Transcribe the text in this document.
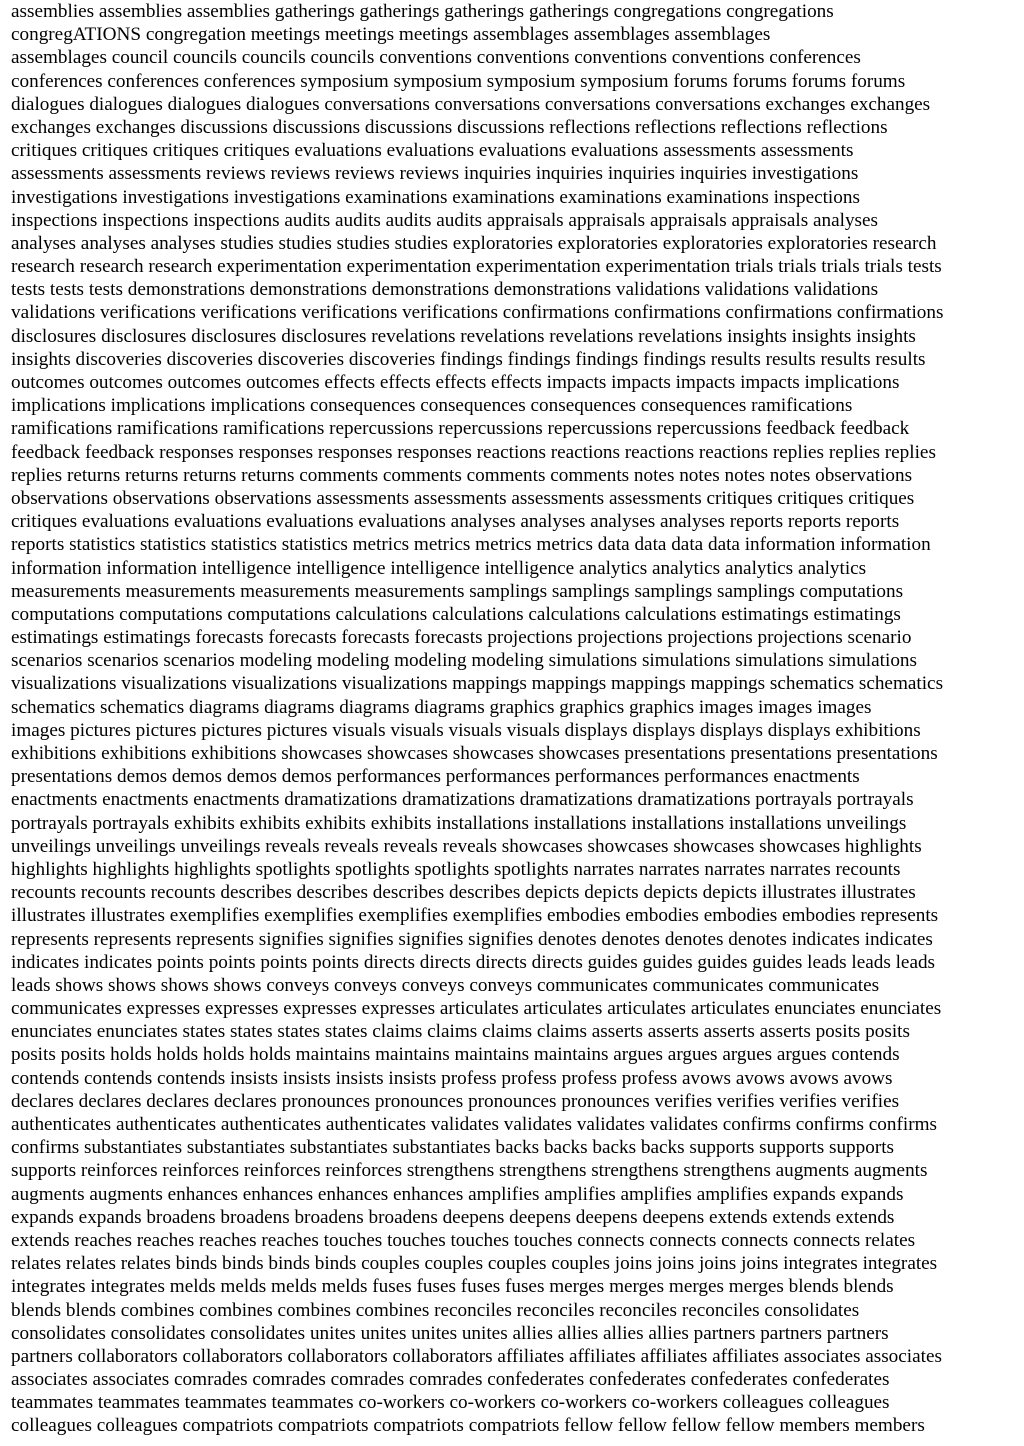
assemblies assemblies assemblies gatherings gatherings gatherings gatherings congregations congregations
congregATIONS congregation meetings meetings meetings assemblages assemblages assemblages
assemblages council councils councils councils conventions conventions conventions conventions conferences
conferences conferences conferences symposium symposium symposium symposium forums forums forums forums
dialogues dialogues dialogues dialogues conversations conversations conversations conversations exchanges exchanges
exchanges exchanges discussions discussions discussions discussions reflections reflections reflections reflections
critiques critiques critiques critiques evaluations evaluations evaluations evaluations assessments assessments
assessments assessments reviews reviews reviews reviews inquiries inquiries inquiries inquiries investigations
investigations investigations investigations examinations examinations examinations examinations inspections
inspections inspections inspections audits audits audits audits appraisals appraisals appraisals appraisals analyses
analyses analyses analyses studies studies studies studies exploratories exploratories exploratories exploratories research
research research research experimentation experimentation experimentation experimentation trials trials trials trials tests
tests tests tests demonstrations demonstrations demonstrations demonstrations validations validations validations
validations verifications verifications verifications verifications confirmations confirmations confirmations confirmations
disclosures disclosures disclosures disclosures revelations revelations revelations revelations insights insights insights
insights discoveries discoveries discoveries discoveries findings findings findings findings results results results results
outcomes outcomes outcomes outcomes effects effects effects effects impacts impacts impacts impacts implications
implications implications implications consequences consequences consequences consequences ramifications
ramifications ramifications ramifications repercussions repercussions repercussions repercussions feedback feedback
feedback feedback responses responses responses responses reactions reactions reactions reactions replies replies replies
replies returns returns returns returns comments comments comments comments notes notes notes notes observations
observations observations observations assessments assessments assessments assessments critiques critiques critiques
critiques evaluations evaluations evaluations evaluations analyses analyses analyses analyses reports reports reports
reports statistics statistics statistics statistics metrics metrics metrics metrics data data data data information information
information information intelligence intelligence intelligence intelligence analytics analytics analytics analytics
measurements measurements measurements measurements samplings samplings samplings samplings computations
computations computations computations calculations calculations calculations calculations estimatings estimatings
estimatings estimatings forecasts forecasts forecasts forecasts projections projections projections projections scenario
scenarios scenarios scenarios modeling modeling modeling modeling simulations simulations simulations simulations
visualizations visualizations visualizations visualizations mappings mappings mappings mappings schematics schematics
schematics schematics diagrams diagrams diagrams diagrams graphics graphics graphics images images images
images pictures pictures pictures pictures visuals visuals visuals visuals displays displays displays displays exhibitions
exhibitions exhibitions exhibitions showcases showcases showcases showcases presentations presentations presentations
presentations demos demos demos demos performances performances performances performances enactments
enactments enactments enactments dramatizations dramatizations dramatizations dramatizations portrayals portrayals
portrayals portrayals exhibits exhibits exhibits exhibits installations installations installations installations unveilings
unveilings unveilings unveilings reveals reveals reveals reveals showcases showcases showcases showcases highlights
highlights highlights highlights spotlights spotlights spotlights spotlights narrates narrates narrates narrates recounts
recounts recounts recounts describes describes describes describes depicts depicts depicts depicts illustrates illustrates
illustrates illustrates exemplifies exemplifies exemplifies exemplifies embodies embodies embodies embodies represents
represents represents represents signifies signifies signifies signifies denotes denotes denotes denotes indicates indicates
indicates indicates points points points points directs directs directs directs guides guides guides guides leads leads leads
leads shows shows shows shows conveys conveys conveys conveys communicates communicates communicates
communicates expresses expresses expresses expresses articulates articulates articulates articulates enunciates enunciates
enunciates enunciates states states states states claims claims claims claims asserts asserts asserts asserts posits posits
posits posits holds holds holds holds maintains maintains maintains maintains argues argues argues argues contends
contends contends contends insists insists insists insists profess profess profess profess avows avows avows avows
declares declares declares declares pronounces pronounces pronounces pronounces verifies verifies verifies verifies
authenticates authenticates authenticates authenticates validates validates validates validates confirms confirms confirms
confirms substantiates substantiates substantiates substantiates backs backs backs backs supports supports supports
supports reinforces reinforces reinforces reinforces strengthens strengthens strengthens strengthens augments augments
augments augments enhances enhances enhances enhances amplifies amplifies amplifies amplifies expands expands
expands expands broadens broadens broadens broadens deepens deepens deepens deepens extends extends extends
extends reaches reaches reaches reaches touches touches touches touches connects connects connects connects relates
relates relates relates binds binds binds binds couples couples couples couples joins joins joins joins integrates integrates
integrates integrates melds melds melds melds fuses fuses fuses fuses merges merges merges merges blends blends
blends blends combines combines combines combines reconciles reconciles reconciles reconciles consolidates
consolidates consolidates consolidates unites unites unites unites allies allies allies allies partners partners partners
partners collaborators collaborators collaborators collaborators affiliates affiliates affiliates affiliates associates associates
associates associates comrades comrades comrades comrades confederates confederates confederates confederates
teammates teammates teammates teammates co-workers co-workers co-workers co-workers colleagues colleagues
colleagues colleagues compatriots compatriots compatriots compatriots fellow fellow fellow fellow members members
